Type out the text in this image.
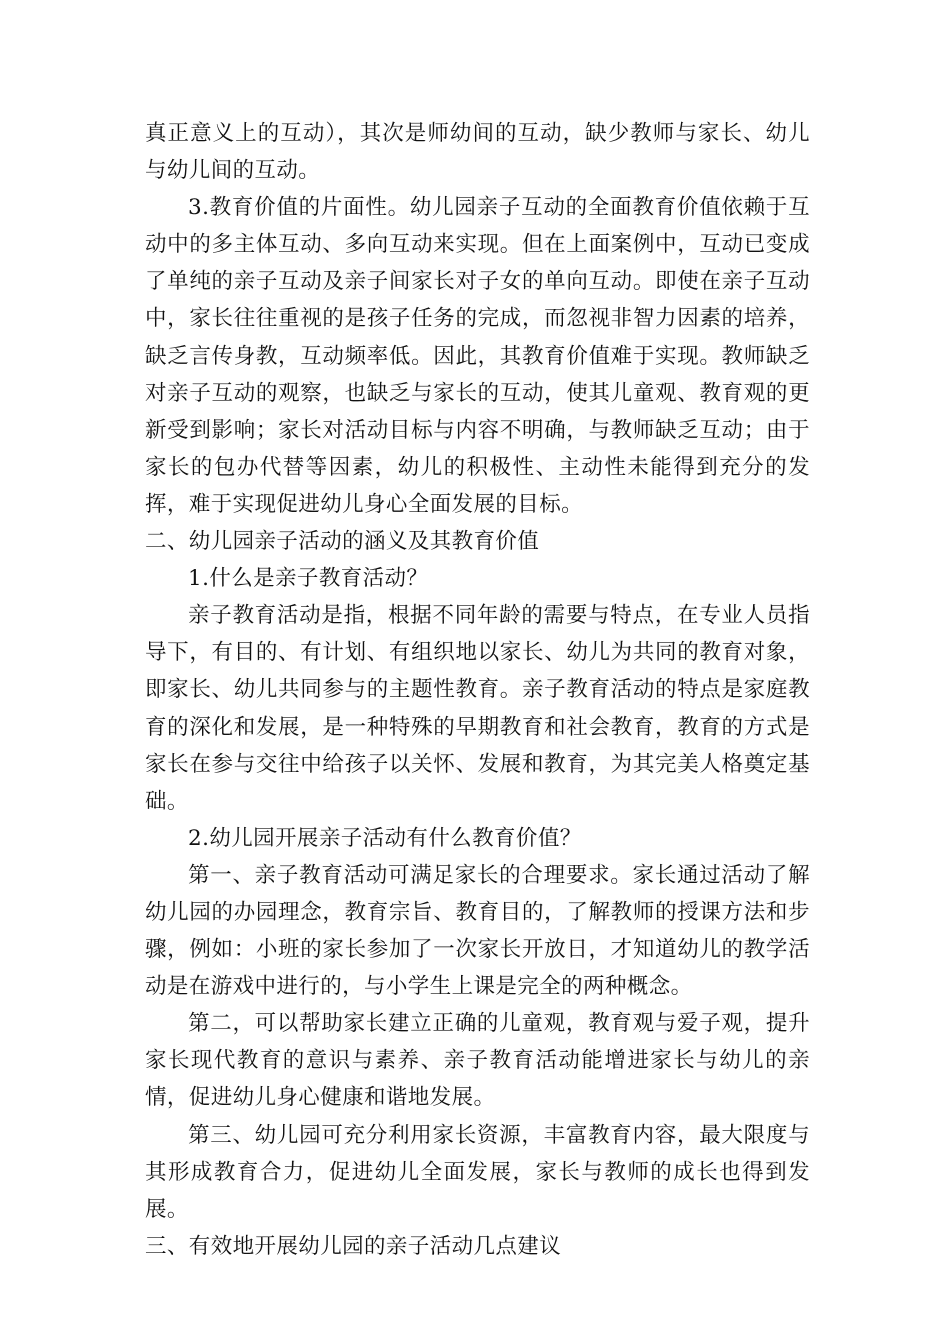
真正意义上的互动），其次是师幼间的互动，缺少教师与家长、幼儿与幼儿间的互动。

3.教育价值的片面性。幼儿园亲子互动的全面教育价值依赖于互动中的多主体互动、多向互动来实现。但在上面案例中，互动已变成了单纯的亲子互动及亲子间家长对子女的单向互动。即使在亲子互动中，家长往往重视的是孩子任务的完成，而忽视非智力因素的培养，缺乏言传身教，互动频率低。因此，其教育价值难于实现。教师缺乏对亲子互动的观察，也缺乏与家长的互动，使其儿童观、教育观的更新受到影响；家长对活动目标与内容不明确，与教师缺乏互动；由于家长的包办代替等因素，幼儿的积极性、主动性未能得到充分的发挥，难于实现促进幼儿身心全面发展的目标。

二、幼儿园亲子活动的涵义及其教育价值

1.什么是亲子教育活动？

亲子教育活动是指，根据不同年龄的需要与特点，在专业人员指导下，有目的、有计划、有组织地以家长、幼儿为共同的教育对象，即家长、幼儿共同参与的主题性教育。亲子教育活动的特点是家庭教育的深化和发展，是一种特殊的早期教育和社会教育，教育的方式是家长在参与交往中给孩子以关怀、发展和教育，为其完美人格奠定基础。

2.幼儿园开展亲子活动有什么教育价值？

第一、亲子教育活动可满足家长的合理要求。家长通过活动了解幼儿园的办园理念，教育宗旨、教育目的，了解教师的授课方法和步骤，例如：小班的家长参加了一次家长开放日，才知道幼儿的教学活动是在游戏中进行的，与小学生上课是完全的两种概念。

第二，可以帮助家长建立正确的儿童观，教育观与爱子观，提升家长现代教育的意识与素养、亲子教育活动能增进家长与幼儿的亲情，促进幼儿身心健康和谐地发展。

第三、幼儿园可充分利用家长资源，丰富教育内容，最大限度与其形成教育合力，促进幼儿全面发展，家长与教师的成长也得到发展。

三、有效地开展幼儿园的亲子活动几点建议
